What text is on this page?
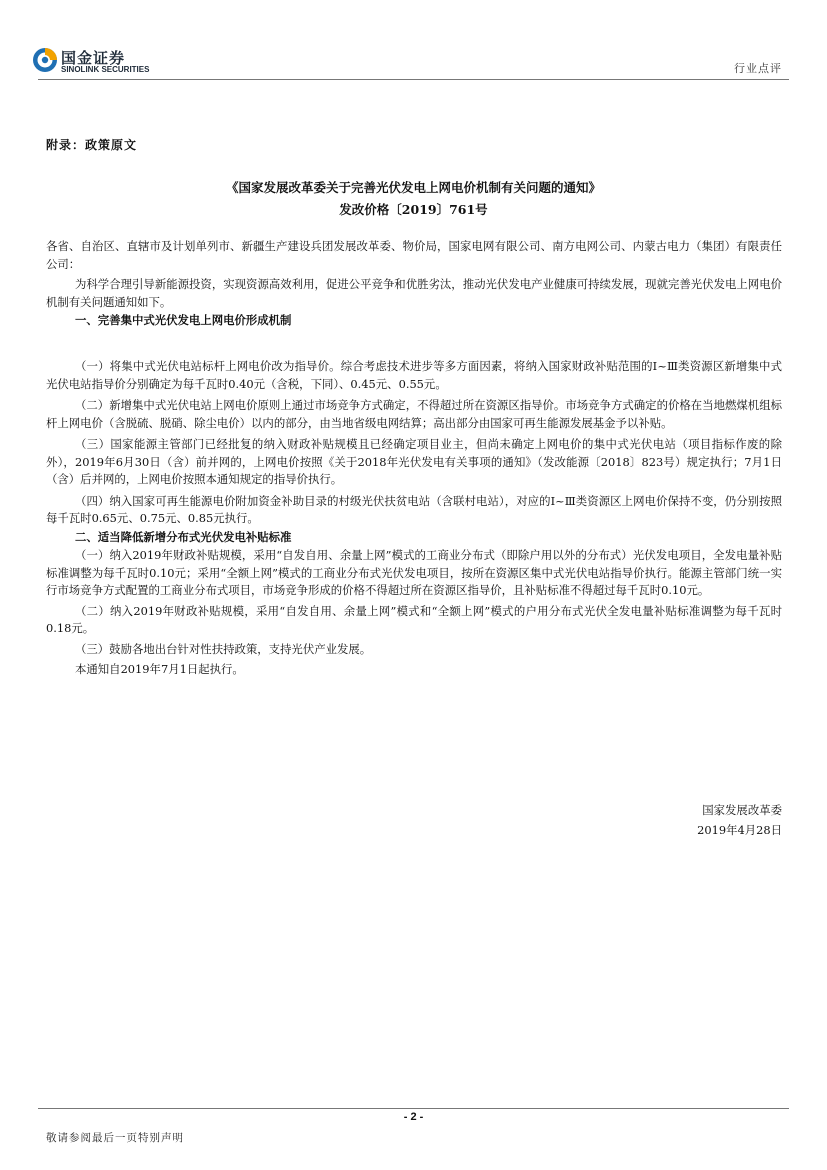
国金证券
SINOLINK SECURITIES	行业点评
附录：政策原文
《国家发展改革委关于完善光伏发电上网电价机制有关问题的通知》
发改价格〔2019〕761号

各省、自治区、直辖市及计划单列市、新疆生产建设兵团发展改革委、物价局，国家电网有限公司、南方电网公司、内蒙古电力（集团）有限责任公司：

为科学合理引导新能源投资，实现资源高效利用，促进公平竞争和优胜劣汰，推动光伏发电产业健康可持续发展，现就完善光伏发电上网电价机制有关问题通知如下。

一、完善集中式光伏发电上网电价形成机制

（一）将集中式光伏电站标杆上网电价改为指导价。综合考虑技术进步等多方面因素，将纳入国家财政补贴范围的Ⅰ~Ⅲ类资源区新增集中式光伏电站指导价分别确定为每千瓦时0.40元（含税，下同）、0.45元、0.55元。

（二）新增集中式光伏电站上网电价原则上通过市场竞争方式确定，不得超过所在资源区指导价。市场竞争方式确定的价格在当地燃煤机组标杆上网电价（含脱硫、脱硝、除尘电价）以内的部分，由当地省级电网结算；高出部分由国家可再生能源发展基金予以补贴。

（三）国家能源主管部门已经批复的纳入财政补贴规模且已经确定项目业主，但尚未确定上网电价的集中式光伏电站（项目指标作废的除外），2019年6月30日（含）前并网的，上网电价按照《关于2018年光伏发电有关事项的通知》（发改能源〔2018〕823号）规定执行；7月1日（含）后并网的，上网电价按照本通知规定的指导价执行。

（四）纳入国家可再生能源电价附加资金补助目录的村级光伏扶贫电站（含联村电站），对应的Ⅰ~Ⅲ类资源区上网电价保持不变，仍分别按照每千瓦时0.65元、0.75元、0.85元执行。

二、适当降低新增分布式光伏发电补贴标准

（一）纳入2019年财政补贴规模，采用“自发自用、余量上网”模式的工商业分布式（即除户用以外的分布式）光伏发电项目，全发电量补贴标准调整为每千瓦时0.10元；采用“全额上网”模式的工商业分布式光伏发电项目，按所在资源区集中式光伏电站指导价执行。能源主管部门统一实行市场竞争方式配置的工商业分布式项目，市场竞争形成的价格不得超过所在资源区指导价，且补贴标准不得超过每千瓦时0.10元。

（二）纳入2019年财政补贴规模，采用“自发自用、余量上网”模式和“全额上网”模式的户用分布式光伏全发电量补贴标准调整为每千瓦时0.18元。

（三）鼓励各地出台针对性扶持政策，支持光伏产业发展。

本通知自2019年7月1日起执行。

国家发展改革委
2019年4月28日
- 2 -
敬请参阅最后一页特别声明
